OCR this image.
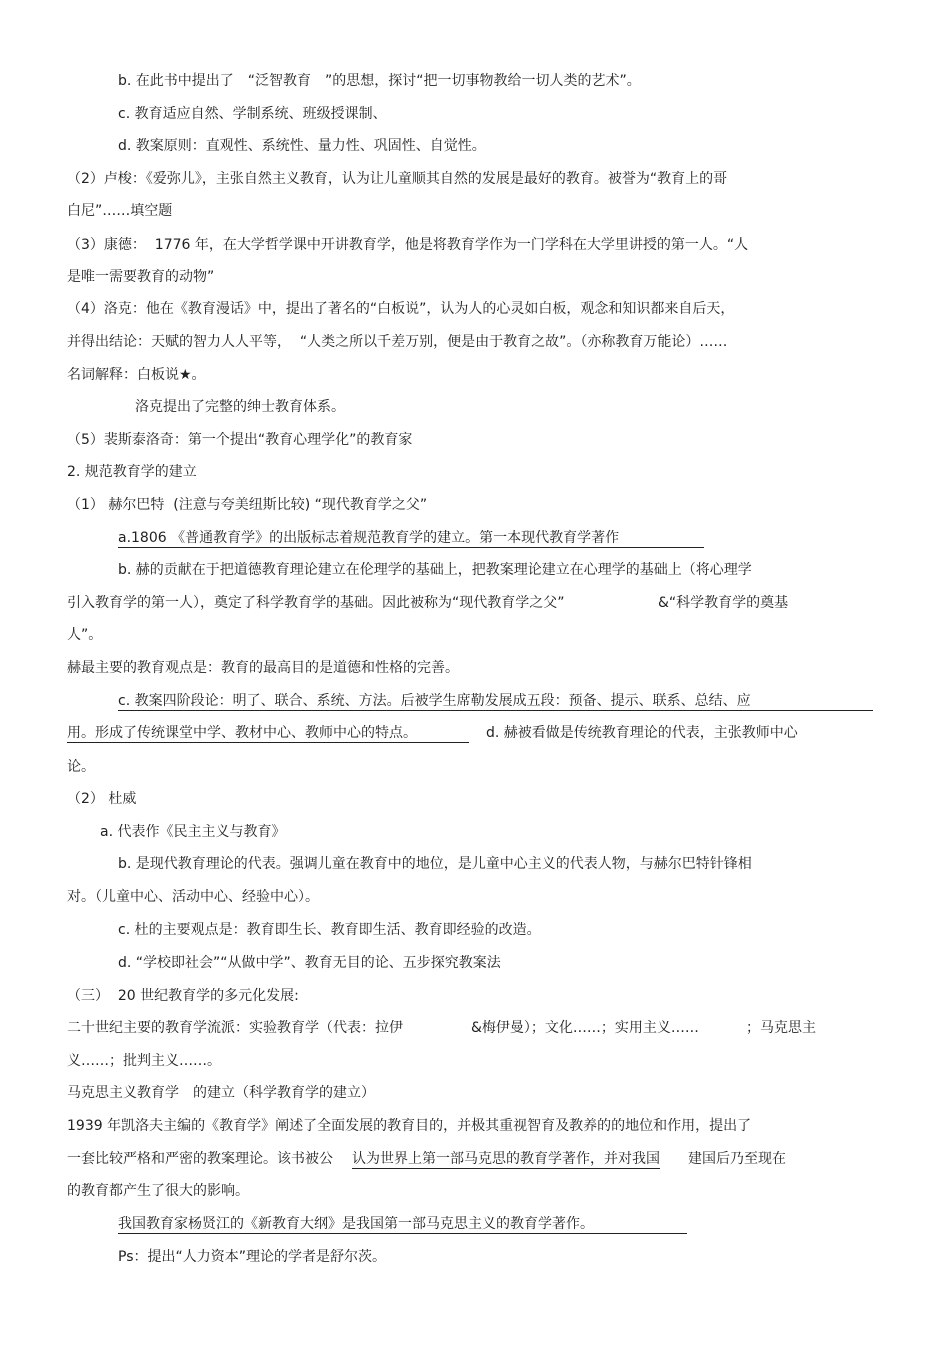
b. 在此书中提出了　“泛智教育　”的思想，探讨“把一切事物教给一切人类的艺术”。
c. 教育适应自然、学制系统、班级授课制、
d. 教案原则：直观性、系统性、量力性、巩固性、自觉性。
（2）卢梭：《爱弥儿》，主张自然主义教育，认为让儿童顺其自然的发展是最好的教育。被誉为“教育上的哥
白尼”……填空题
（3）康德：  1776 年，在大学哲学课中开讲教育学，他是将教育学作为一门学科在大学里讲授的第一人。“人
是唯一需要教育的动物”
（4）洛克：他在《教育漫话》中，提出了著名的“白板说”，认为人的心灵如白板，观念和知识都来自后天，
并得出结论：天赋的智力人人平等，  “人类之所以千差万别，便是由于教育之故”。（亦称教育万能论）……
名词解释：白板说★。
洛克提出了完整的绅士教育体系。
（5）裴斯泰洛奇：第一个提出“教育心理学化”的教育家
2. 规范教育学的建立
（1） 赫尔巴特  (注意与夸美纽斯比较) “现代教育学之父”
a.1806 《普通教育学》的出版标志着规范教育学的建立。第一本现代教育学著作
b. 赫的贡献在于把道德教育理论建立在伦理学的基础上，把教案理论建立在心理学的基础上（将心理学
引入教育学的第一人），奠定了科学教育学的基础。因此被称为“现代教育学之父”	&“科学教育学的奠基
人”。
赫最主要的教育观点是：教育的最高目的是道德和性格的完善。
c. 教案四阶段论：明了、联合、系统、方法。后被学生席勒发展成五段：预备、提示、联系、总结、应
用。形成了传统课堂中学、教材中心、教师中心的特点。	d. 赫被看做是传统教育理论的代表，主张教师中心
论。
（2） 杜威
a. 代表作《民主主义与教育》
b. 是现代教育理论的代表。强调儿童在教育中的地位，是儿童中心主义的代表人物，与赫尔巴特针锋相
对。（儿童中心、活动中心、经验中心）。
c. 杜的主要观点是：教育即生长、教育即生活、教育即经验的改造。
d. “学校即社会”“从做中学”、教育无目的论、五步探究教案法
（三）  20 世纪教育学的多元化发展:
二十世纪主要的教育学流派：实验教育学（代表：拉伊	&梅伊曼）；文化……；实用主义……	；马克思主
义……；批判主义……。
马克思主义教育学　的建立（科学教育学的建立）
1939 年凯洛夫主编的《教育学》阐述了全面发展的教育目的，并极其重视智育及教养的的地位和作用，提出了
一套比较严格和严密的教案理论。该书被公 认为世界上第一部马克思的教育学著作，并对我国 建国后乃至现在
的教育都产生了很大的影响。
我国教育家杨贤江的《新教育大纲》是我国第一部马克思主义的教育学著作。
Ps：提出“人力资本”理论的学者是舒尔茨。
